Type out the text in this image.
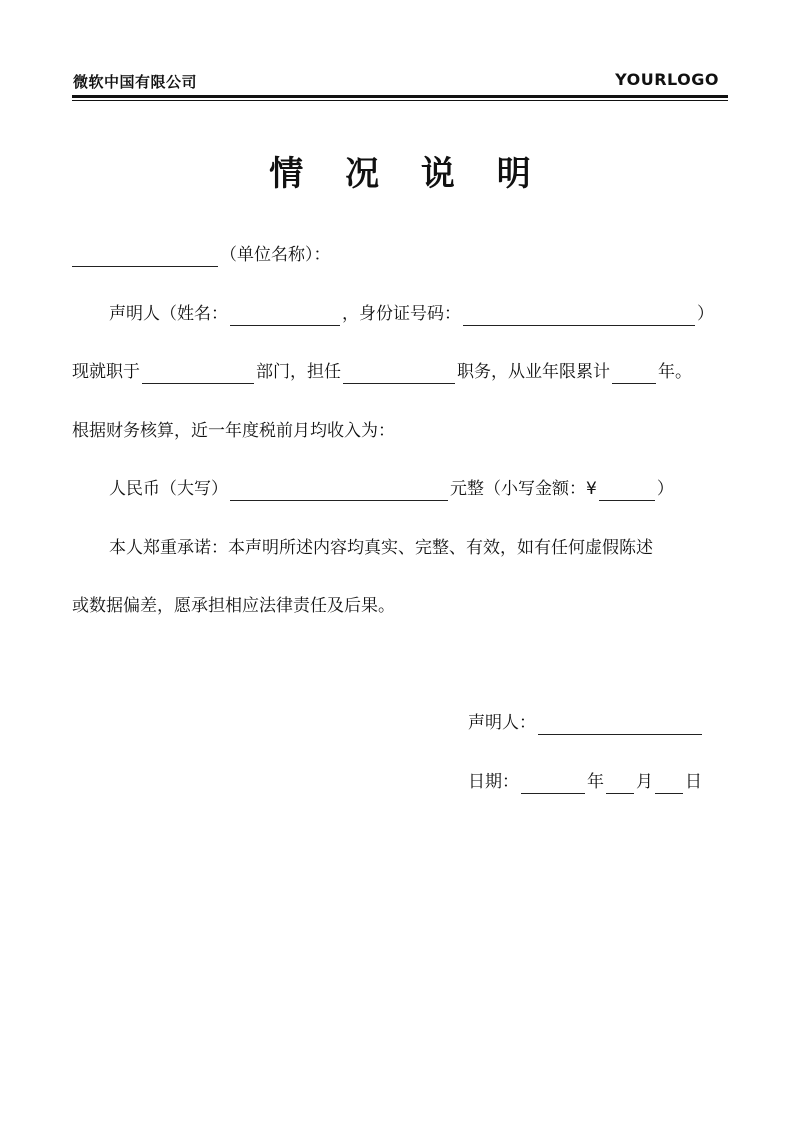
微软中国有限公司	YOURLOGO
情 况 说 明
（单位名称）：
声明人（姓名：	，身份证号码：	）
现就职于	部门，担任	职务，从业年限累计	年。
根据财务核算，近一年度税前月均收入为：
人民币（大写）	元整（小写金额：¥	）
本人郑重承诺：本声明所述内容均真实、完整、有效，如有任何虚假陈述
或数据偏差，愿承担相应法律责任及后果。
声明人：
日期：	年 月 日
